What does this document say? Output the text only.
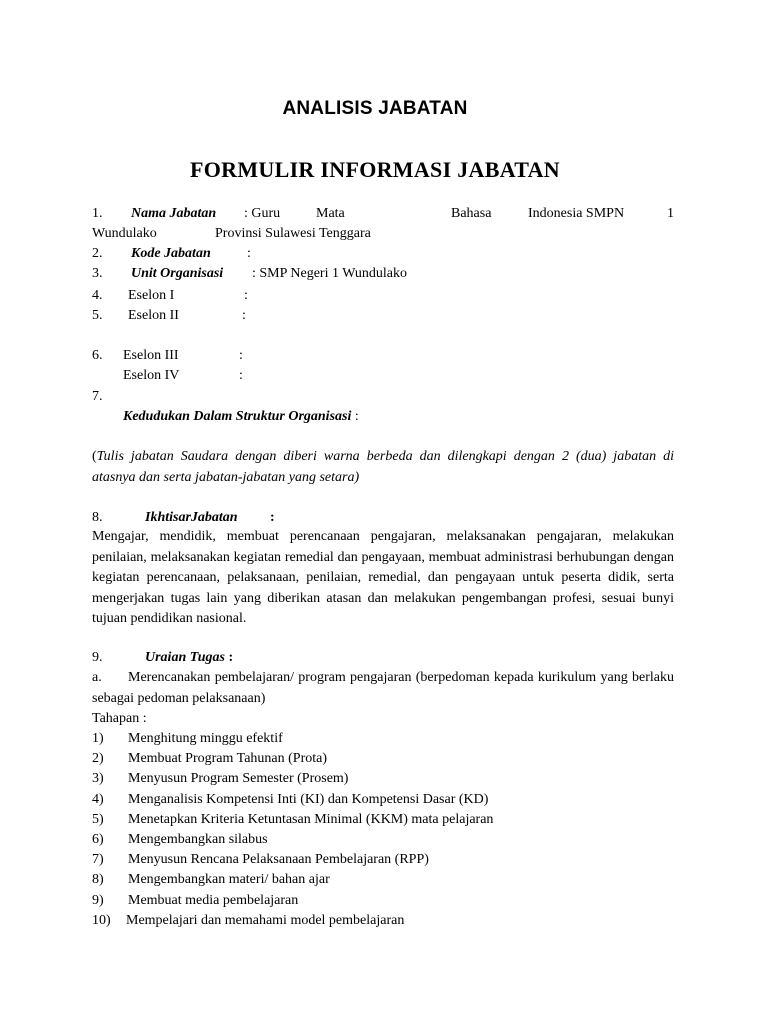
ANALISIS JABATAN
FORMULIR INFORMASI JABATAN
1. Nama Jabatan : Guru	Mata	Bahasa	Indonesia SMPN	1
Wundulako	Provinsi Sulawesi Tenggara
2. Kode Jabatan	:
3. Unit Organisasi : SMP Negeri 1 Wundulako
4. Eselon I	:
5. Eselon II	:
6. Eselon III	:
Eselon IV	:
7.
Kedudukan Dalam Struktur Organisasi :
(Tulis jabatan Saudara dengan diberi warna berbeda dan dilengkapi dengan 2 (dua) jabatan di atasnya dan serta jabatan-jabatan yang setara)
8.	IkhtisarJabatan :
Mengajar, mendidik, membuat perencanaan pengajaran, melaksanakan pengajaran, melakukan penilaian, melaksanakan kegiatan remedial dan pengayaan, membuat administrasi berhubungan dengan kegiatan perencanaan, pelaksanaan, penilaian, remedial, dan pengayaan untuk peserta didik, serta mengerjakan tugas lain yang diberikan atasan dan melakukan pengembangan profesi, sesuai bunyi tujuan pendidikan nasional.
9.	Uraian Tugas :
a. Merencanakan pembelajaran/ program pengajaran (berpedoman kepada kurikulum yang berlaku sebagai pedoman pelaksanaan)
Tahapan :
1) Menghitung minggu efektif
2) Membuat Program Tahunan (Prota)
3) Menyusun Program Semester (Prosem)
4) Menganalisis Kompetensi Inti (KI) dan Kompetensi Dasar (KD)
5) Menetapkan Kriteria Ketuntasan Minimal (KKM) mata pelajaran
6) Mengembangkan silabus
7) Menyusun Rencana Pelaksanaan Pembelajaran (RPP)
8) Mengembangkan materi/ bahan ajar
9) Membuat media pembelajaran
10) Mempelajari dan memahami model pembelajaran
